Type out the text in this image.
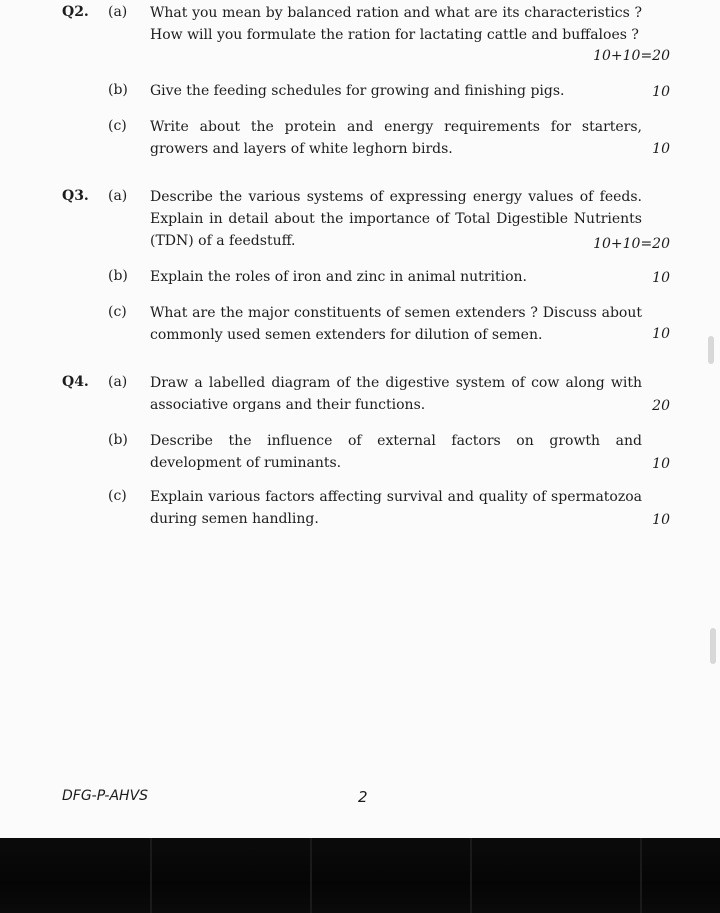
Q2. (a) What you mean by balanced ration and what are its characteristics ? How will you formulate the ration for lactating cattle and buffaloes ?
10+10=20
(b) Give the feeding schedules for growing and finishing pigs.	10
(c) Write about the protein and energy requirements for starters, growers and layers of white leghorn birds.	10
Q3. (a) Describe the various systems of expressing energy values of feeds. Explain in detail about the importance of Total Digestible Nutrients (TDN) of a feedstuff.	10+10=20
(b) Explain the roles of iron and zinc in animal nutrition.	10
(c) What are the major constituents of semen extenders ? Discuss about commonly used semen extenders for dilution of semen.	10
Q4. (a) Draw a labelled diagram of the digestive system of cow along with associative organs and their functions.	20
(b) Describe the influence of external factors on growth and development of ruminants.	10
(c) Explain various factors affecting survival and quality of spermatozoa during semen handling.	10
DFG-P-AHVS	2
